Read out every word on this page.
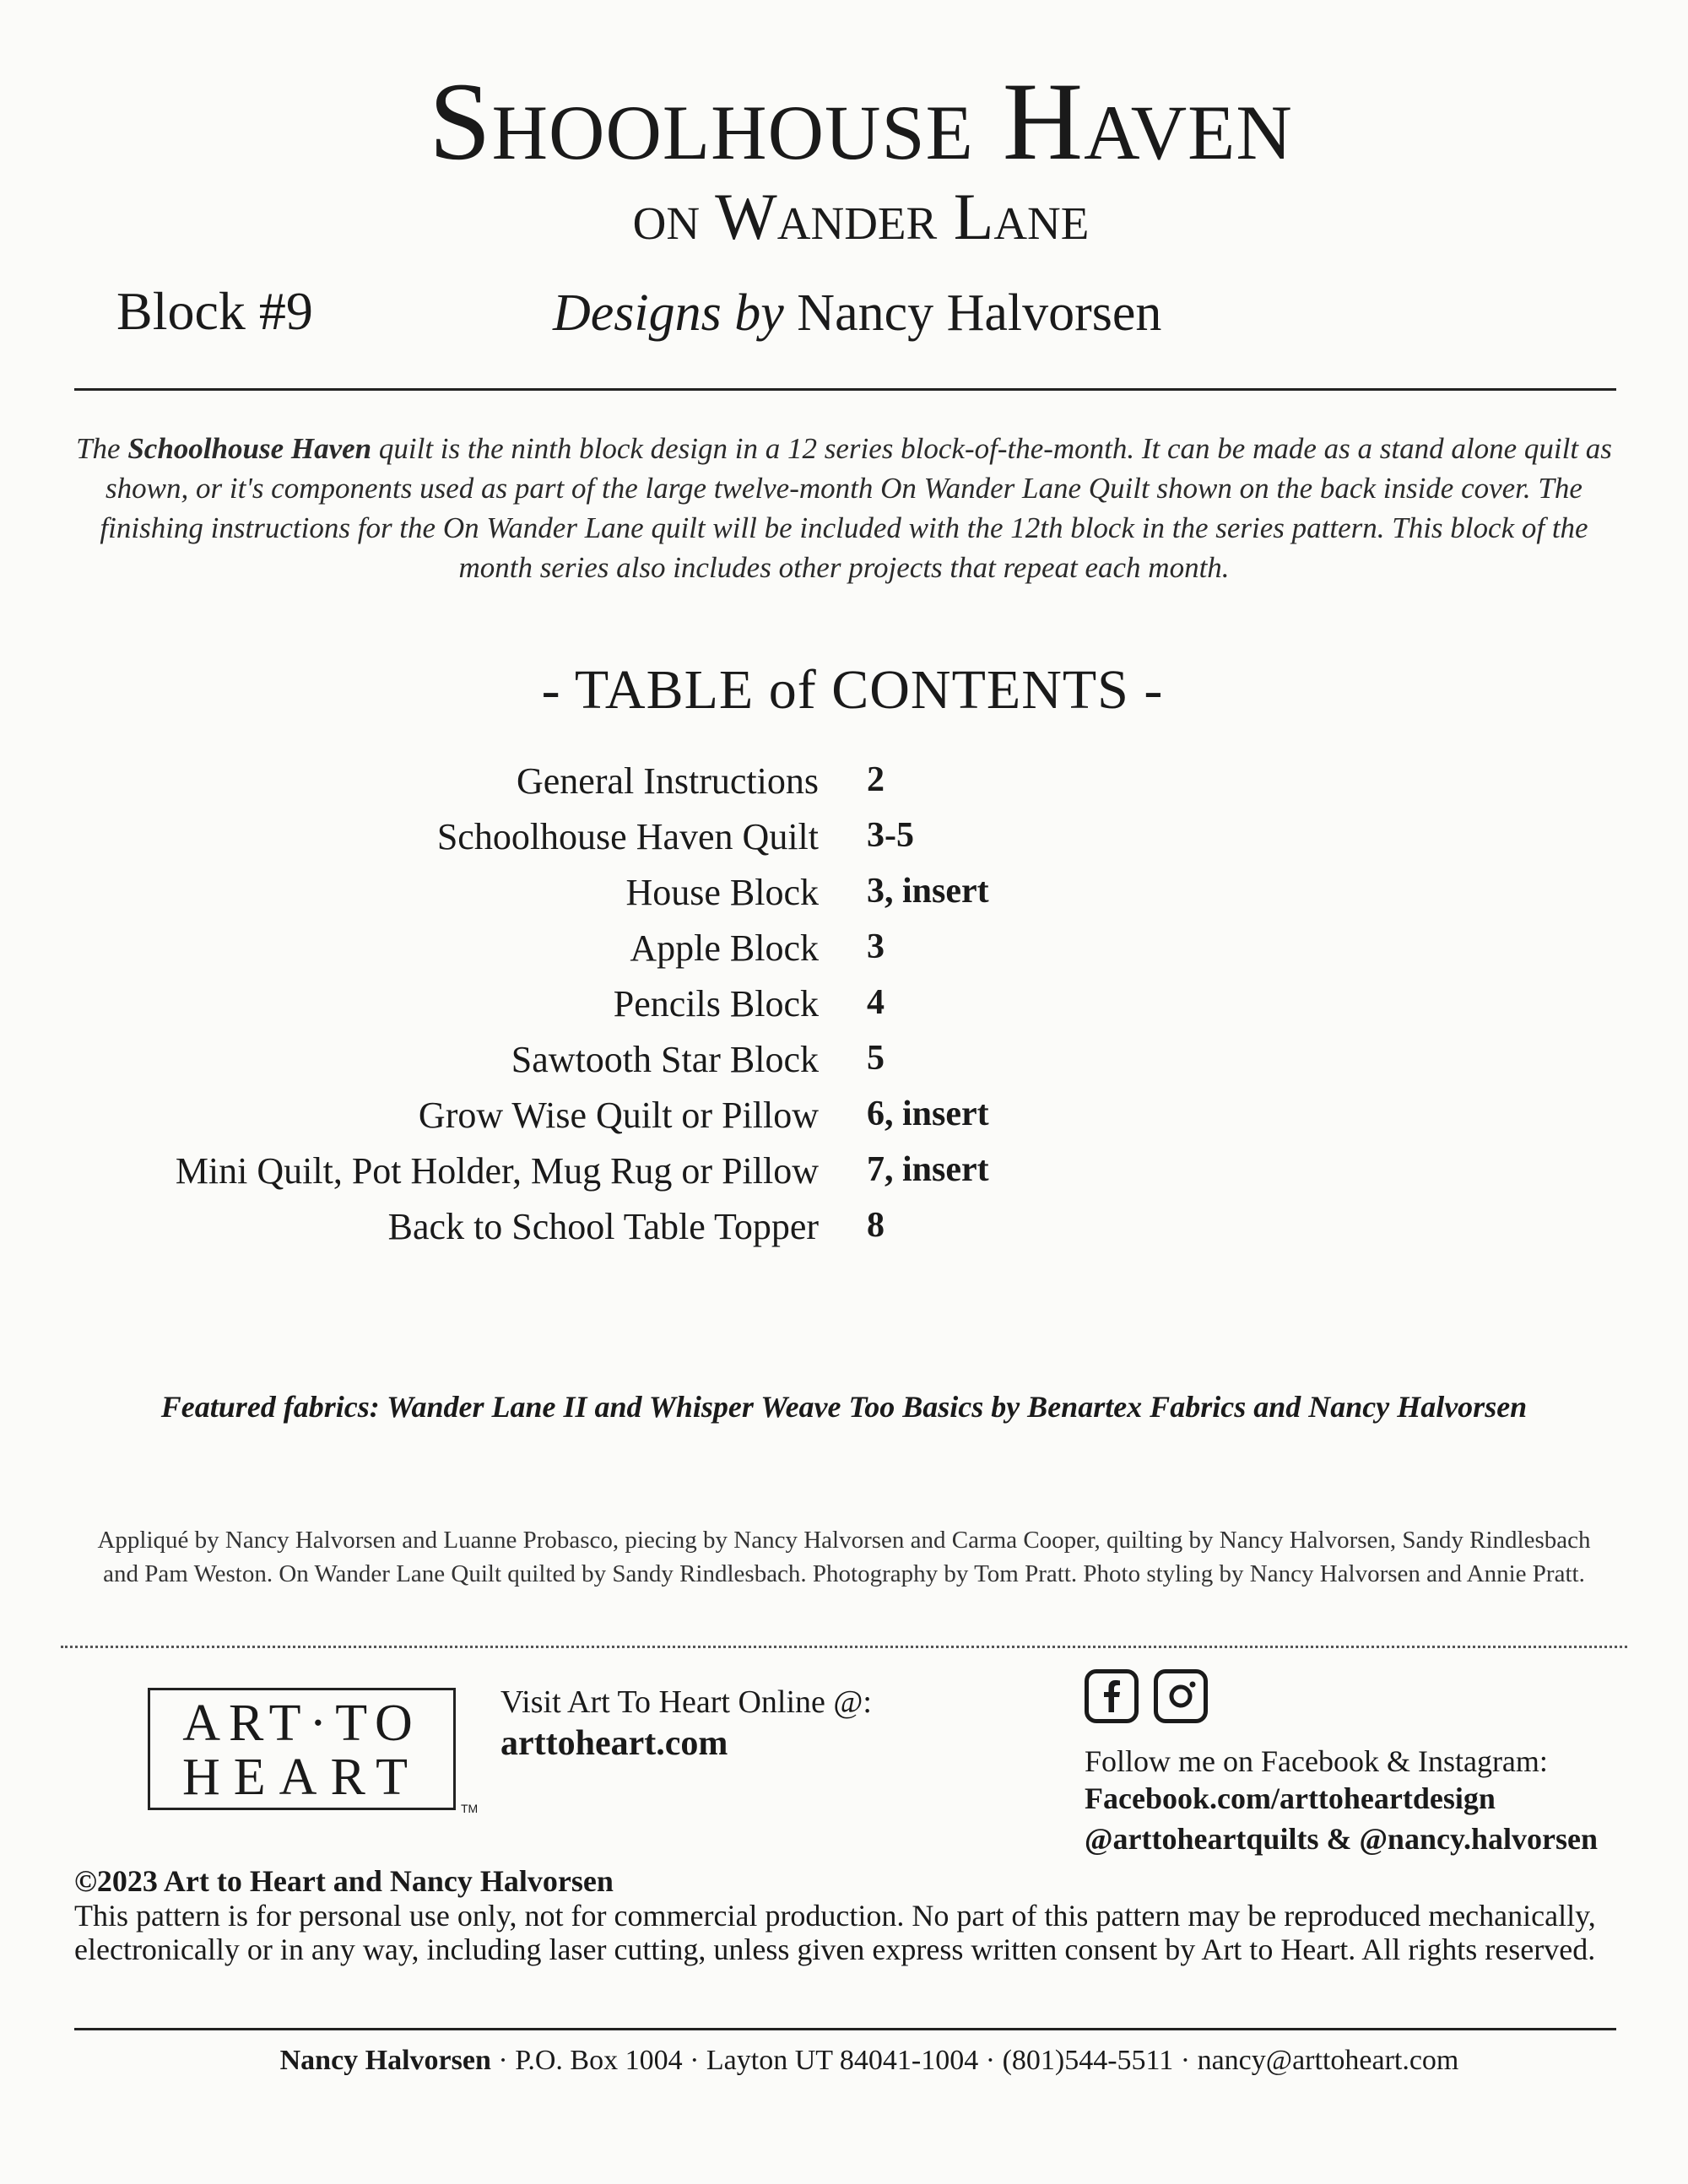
Shoolhouse Haven
on Wander Lane
Block #9	Designs by Nancy Halvorsen
The Schoolhouse Haven quilt is the ninth block design in a 12 series block-of-the-month. It can be made as a stand alone quilt as shown, or it's components used as part of the large twelve-month On Wander Lane Quilt shown on the back inside cover. The finishing instructions for the On Wander Lane quilt will be included with the 12th block in the series pattern. This block of the month series also includes other projects that repeat each month.
- TABLE of CONTENTS -
General Instructions 2
Schoolhouse Haven Quilt 3-5
House Block 3, insert
Apple Block 3
Pencils Block 4
Sawtooth Star Block 5
Grow Wise Quilt or Pillow 6, insert
Mini Quilt, Pot Holder, Mug Rug or Pillow 7, insert
Back to School Table Topper 8
Featured fabrics: Wander Lane II and Whisper Weave Too Basics by Benartex Fabrics and Nancy Halvorsen
Appliqué by Nancy Halvorsen and Luanne Probasco, piecing by Nancy Halvorsen and Carma Cooper, quilting by Nancy Halvorsen, Sandy Rindlesbach and Pam Weston. On Wander Lane Quilt quilted by Sandy Rindlesbach. Photography by Tom Pratt. Photo styling by Nancy Halvorsen and Annie Pratt.
ART·TO
HEART
TM
Visit Art To Heart Online @:
arttoheart.com
	Follow me on Facebook & Instagram:
Facebook.com/arttoheartdesign
@arttoheartquilts & @nancy.halvorsen
©2023 Art to Heart and Nancy Halvorsen
This pattern is for personal use only, not for commercial production. No part of this pattern may be reproduced mechanically, electronically or in any way, including laser cutting, unless given express written consent by Art to Heart. All rights reserved.
Nancy Halvorsen · P.O. Box 1004 · Layton UT 84041-1004 · (801)544-5511 · nancy@arttoheart.com
